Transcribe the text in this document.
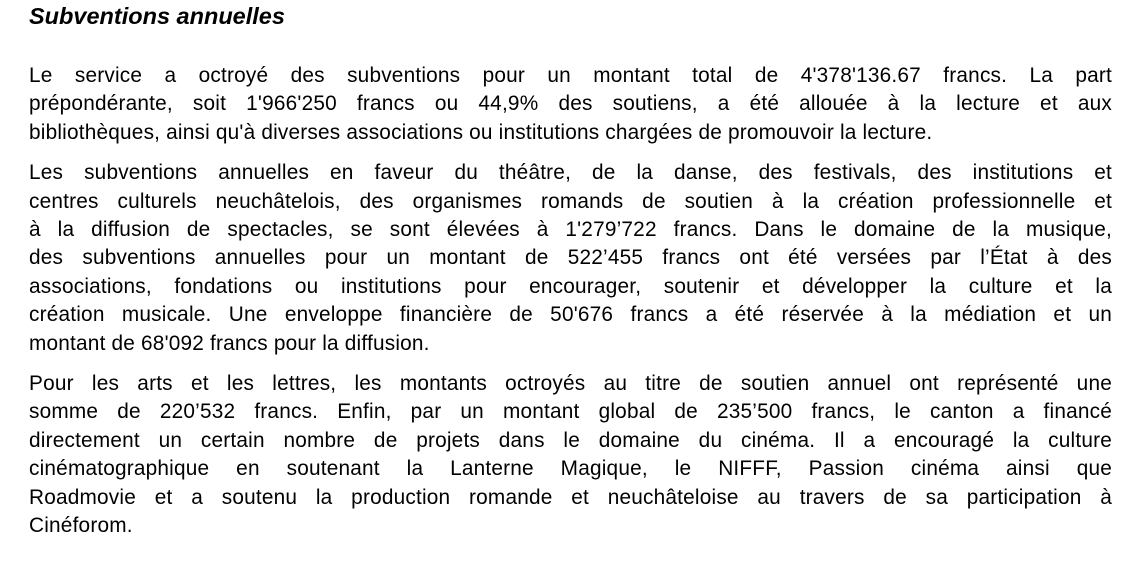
Subventions annuelles

Le service a octroyé des subventions pour un montant total de 4'378'136.67 francs. La part
prépondérante, soit 1'966'250 francs ou 44,9% des soutiens, a été allouée à la lecture et aux
bibliothèques, ainsi qu'à diverses associations ou institutions chargées de promouvoir la lecture.

Les subventions annuelles en faveur du théâtre, de la danse, des festivals, des institutions et
centres culturels neuchâtelois, des organismes romands de soutien à la création professionnelle et
à la diffusion de spectacles, se sont élevées à 1'279’722 francs. Dans le domaine de la musique,
des subventions annuelles pour un montant de 522’455 francs ont été versées par l’État à des
associations, fondations ou institutions pour encourager, soutenir et développer la culture et la
création musicale. Une enveloppe financière de 50'676 francs a été réservée à la médiation et un
montant de 68'092 francs pour la diffusion.

Pour les arts et les lettres, les montants octroyés au titre de soutien annuel ont représenté une
somme de 220’532 francs. Enfin, par un montant global de 235’500 francs, le canton a financé
directement un certain nombre de projets dans le domaine du cinéma. Il a encouragé la culture
cinématographique en soutenant la Lanterne Magique, le NIFFF, Passion cinéma ainsi que
Roadmovie et a soutenu la production romande et neuchâteloise au travers de sa participation à
Cinéforom.
